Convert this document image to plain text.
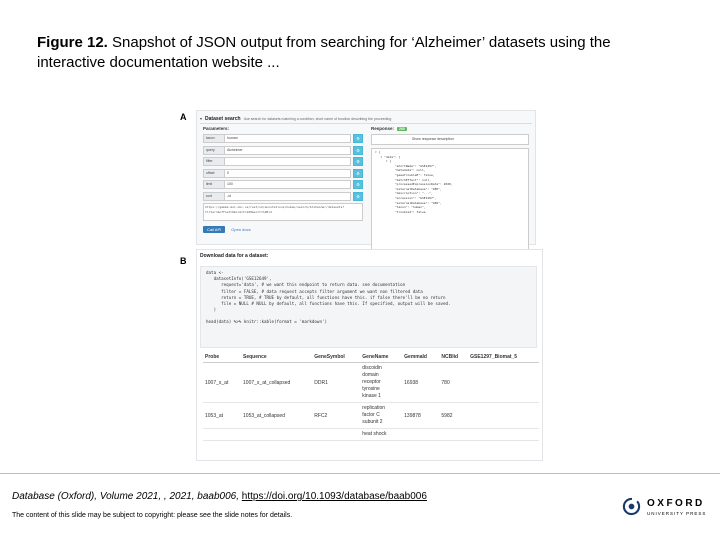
Figure 12. Snapshot of JSON output from searching for ‘Alzheimer’ datasets using the interactive documentation website ...
A	▾ Dataset search Use search for datasets matching a condition, short name of function describing the proceeding
Parameters:
taxon	human	⚙
query	Alzheimer	⚙
filter	⚙
offset	0	⚙
limit	100	⚙
sort	-id	⚙
https://gemma.msl.ubc.ca/rest/v2/annotations/human/search/Alzheimer/datasets?filter=&offset=0&limit=100&sort=%2Bid
Call API	Open docs
Response:	200
Show response description
▾ {
▾ "data": [
▾ {
"shortName": "GSE1297",
"metadata": null,
"geeeTroubleE": false,
"batchEffect": null,
"processedExpressionDate": 2020,
"externalDatabase": "GEO",
"description": "...",
"accession": "GSE1297",
"externalDatabase": "GEO",
"taxon": "human",
"troubled": false
B	Download data for a dataset:
data <-
datasetInfo('GSE12649',
request='data', # we want this endpoint to return data. see documentation
filter = FALSE, # data request accepts filter argument we want non filtered data
return = TRUE, # TRUE by default, all functions have this. if false there'll be no return
file = NULL # NULL by default, all functions have this. If specified, output will be saved.
)
head(data) %>% knitr::kable(format = 'markdown')
Probe	Sequence	GeneSymbol	GeneName	GemmaId	NCBIid	GSE1297_Biomat_5
1007_s_at	1007_s_at_collapsed	DDR1	discoidin
domain
receptor
tyrosine
kinase 1	16938	780	
1053_at	1053_at_collapsed	RFC2	replication
factor C
subunit 2	139878	5982	

			heat shock			

Database (Oxford), Volume 2021, , 2021, baab006, https://doi.org/10.1093/database/baab006
The content of this slide may be subject to copyright: please see the slide notes for details.
OXFORD
UNIVERSITY PRESS
